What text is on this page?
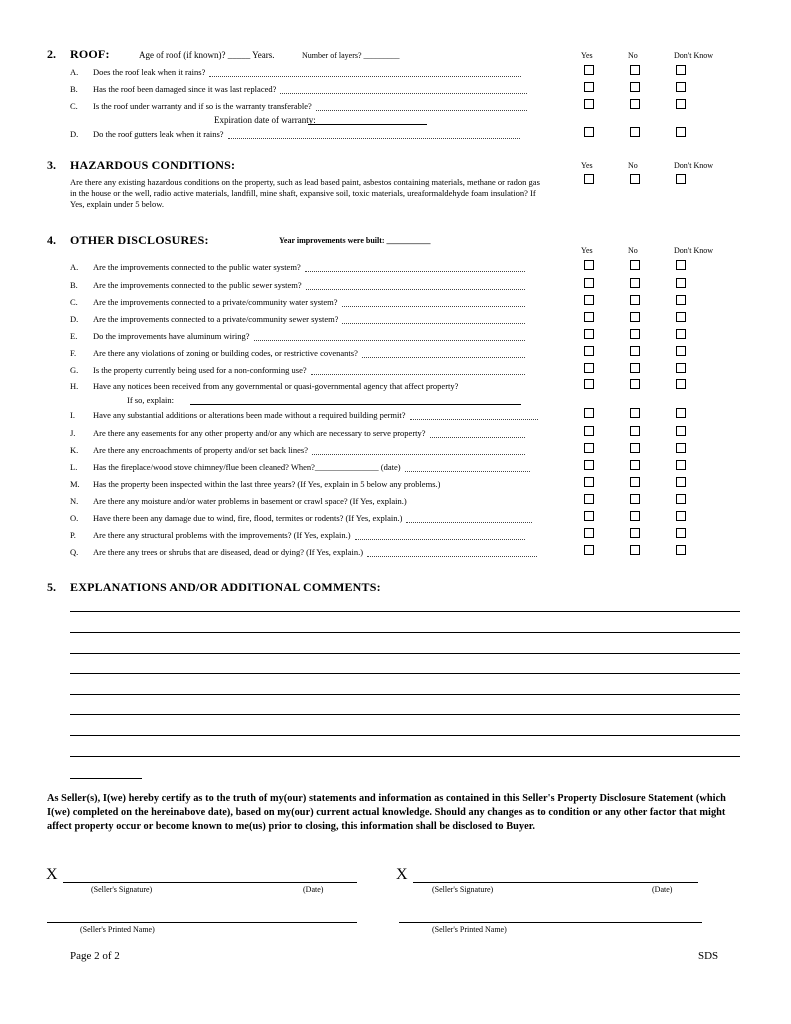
2. ROOF:	Age of roof (if known)? _____ Years.	Number of layers? _________	Yes	No	Don't Know
A. Does the roof leak when it rains?
B. Has the roof been damaged since it was last replaced?
C. Is the roof under warranty and if so is the warranty transferable?
D. Do the roof gutters leak when it rains?
Expiration date of warranty:
3. HAZARDOUS CONDITIONS:	Yes	No	Don't Know
Are there any existing hazardous conditions on the property, such as lead based paint, asbestos containing materials, methane or radon gas in the house or the well, radio active materials, landfill, mine shaft, expansive soil, toxic materials, ureaformaldehyde foam insulation? If Yes, explain under 5 below.
4. OTHER DISCLOSURES:	Year improvements were built: ___________
Yes	No	Don't Know
A. Are the improvements connected to the public water system?
B. Are the improvements connected to the public sewer system?
C. Are the improvements connected to a private/community water system?
D. Are the improvements connected to a private/community sewer system?
E. Do the improvements have aluminum wiring?
F. Are there any violations of zoning or building codes, or restrictive covenants?
G. Is the property currently being used for a non-conforming use?
H. Have any notices been received from any governmental or quasi-governmental agency that affect property?
I. Have any substantial additions or alterations been made without a required building permit?
J. Are there any easements for any other property and/or any which are necessary to serve property?
K. Are there any encroachments of property and/or set back lines?
L. Has the fireplace/wood stove chimney/flue been cleaned? When?_______________ (date)
M. Has the property been inspected within the last three years? (If Yes, explain in 5 below any problems.)
N. Are there any moisture and/or water problems in basement or crawl space? (If Yes, explain.)
O. Have there been any damage due to wind, fire, flood, termites or rodents? (If Yes, explain.)
P. Are there any structural problems with the improvements? (If Yes, explain.)
Q. Are there any trees or shrubs that are diseased, dead or dying? (If Yes, explain.)
If so, explain:
5. EXPLANATIONS AND/OR ADDITIONAL COMMENTS:
As Seller(s), I(we) hereby certify as to the truth of my(our) statements and information as contained in this Seller's Property Disclosure Statement (which I(we) completed on the hereinabove date), based on my(our) current actual knowledge. Should any changes as to condition or any other factor that might affect property occur or become known to me(us) prior to closing, this information shall be disclosed to Buyer.
X
(Seller's Signature)	(Date)
X
(Seller's Signature)	(Date)
(Seller's Printed Name)	(Seller's Printed Name)
Page 2 of 2	SDS
